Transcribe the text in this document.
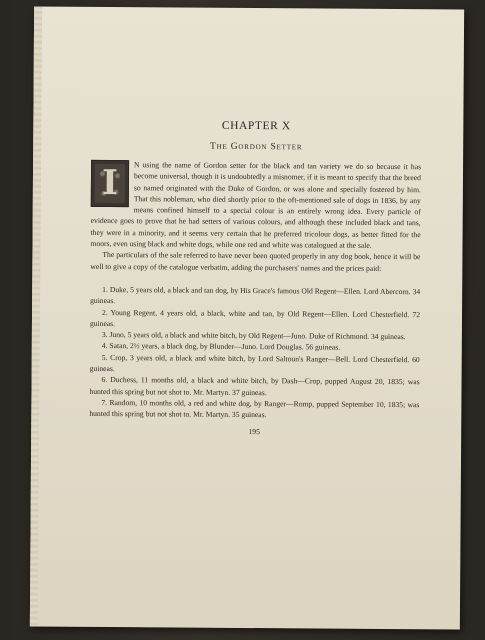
CHAPTER X
The Gordon Setter

I	N using the name of Gordon setter for the black and tan variety we do so because it has become universal, though it is undoubtedly a misnomer, if it is meant to specify that the breed so named originated with the Duke of Gordon, or was alone and specially fostered by him. That this nobleman, who died shortly prior to the oft-mentioned sale of dogs in 1836, by any means confined himself to a special colour is an entirely wrong idea. Every particle of evidence goes to prove that he had setters of various colours, and although these included black and tans, they were in a minority, and it seems very certain that he preferred tricolour dogs, as better fitted for the moors, even using black and white dogs, while one red and white was catalogued at the sale.

The particulars of the sale referred to have never been quoted properly in any dog book, hence it will be well to give a copy of the catalogue verbatim, adding the purchasers' names and the prices paid:

1. Duke, 5 years old, a black and tan dog, by His Grace's famous Old Regent—Ellen. Lord Abercorn. 34 guineas.

2. Young Regent, 4 years old, a black, white and tan, by Old Regent—Ellen. Lord Chesterfield. 72 guineas.

3. Juno, 5 years old, a black and white bitch, by Old Regent—Juno. Duke of Richmond. 34 guineas.

4. Satan, 2½ years, a black dog, by Blunder—Juno. Lord Douglas. 56 guineas.

5. Crop, 3 years old, a black and white bitch, by Lord Saltoun's Ranger—Bell. Lord Chesterfield. 60 guineas.

6. Duchess, 11 months old, a black and white bitch, by Dash—Crop, pupped August 20, 1835; was hunted this spring but not shot to. Mr. Martyn. 37 guineas.

7. Random, 10 months old, a red and white dog, by Ranger—Romp, pupped September 10, 1835; was hunted this spring but not shot to. Mr. Martyn. 35 guineas.

195
